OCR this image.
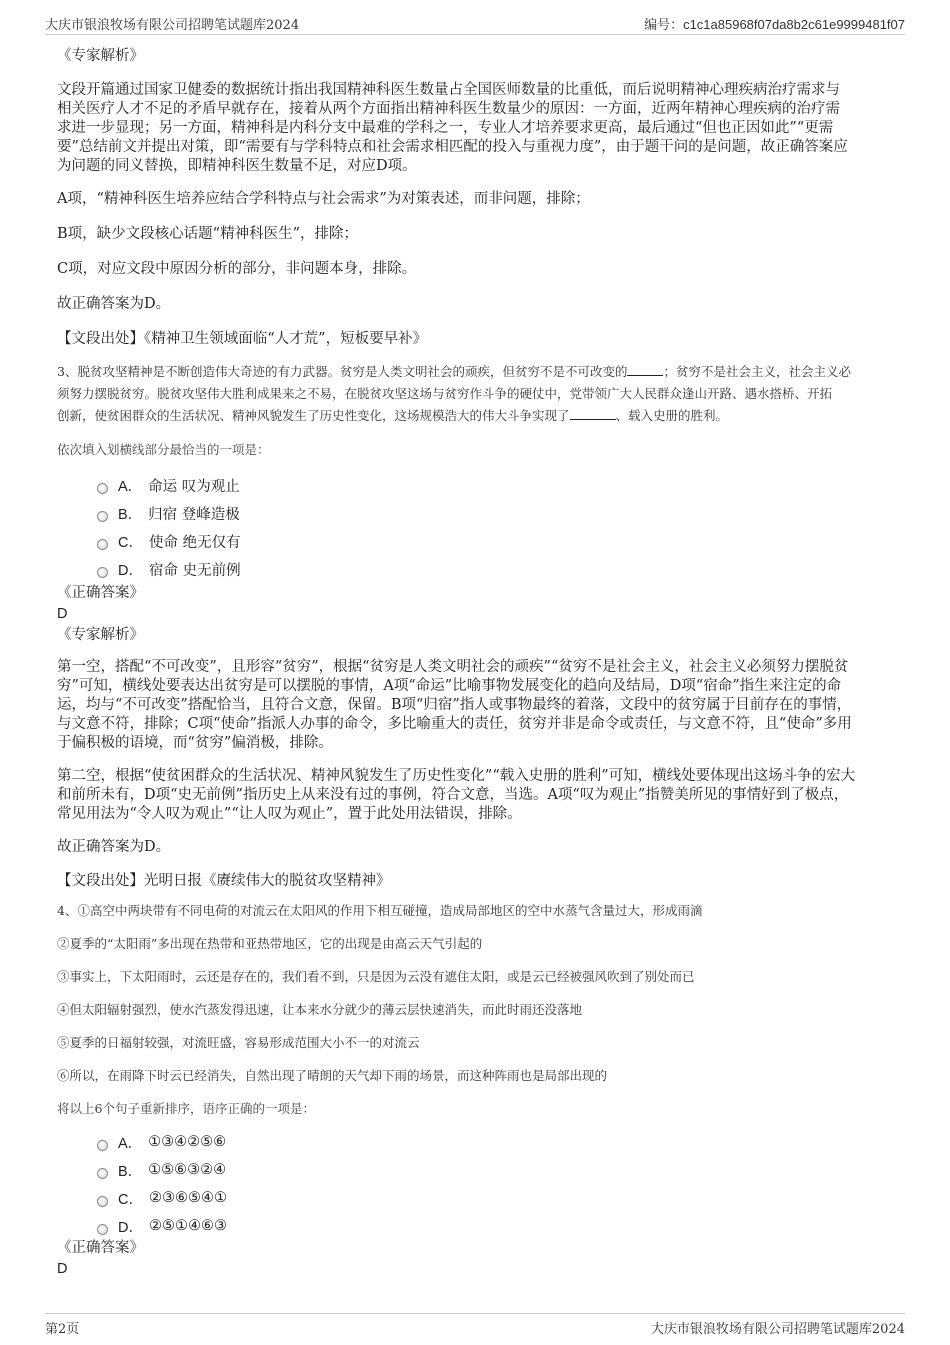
大庆市银浪牧场有限公司招聘笔试题库2024	编号：c1c1a85968f07da8b2c61e9999481f07

《专家解析》

文段开篇通过国家卫健委的数据统计指出我国精神科医生数量占全国医师数量的比重低，而后说明精神心理疾病治疗需求与

相关医疗人才不足的矛盾早就存在，接着从两个方面指出精神科医生数量少的原因：一方面，近两年精神心理疾病的治疗需

求进一步显现；另一方面，精神科是内科分支中最难的学科之一，专业人才培养要求更高，最后通过“但也正因如此”“更需

要”总结前文并提出对策，即“需要有与学科特点和社会需求相匹配的投入与重视力度”，由于题干问的是问题，故正确答案应

为问题的同义替换，即精神科医生数量不足，对应D项。

A项，“精神科医生培养应结合学科特点与社会需求”为对策表述，而非问题，排除；

B项，缺少文段核心话题“精神科医生”，排除；

C项，对应文段中原因分析的部分，非问题本身，排除。

故正确答案为D。

【文段出处】《精神卫生领域面临“人才荒”，短板要早补》

3、脱贫攻坚精神是不断创造伟大奇迹的有力武器。贫穷是人类文明社会的顽疾，但贫穷不是不可改变的	；贫穷不是社会主义，社会主义必

须努力摆脱贫穷。脱贫攻坚伟大胜利成果来之不易，在脱贫攻坚这场与贫穷作斗争的硬仗中，党带领广大人民群众逢山开路、遇水搭桥、开拓

创新，使贫困群众的生活状况、精神风貌发生了历史性变化，这场规模浩大的伟大斗争实现了	、载入史册的胜利。

依次填入划横线部分最恰当的一项是：

A． 命运 叹为观止
B． 归宿 登峰造极
C． 使命 绝无仅有
D． 宿命 史无前例

《正确答案》

D

《专家解析》

第一空，搭配“不可改变”，且形容“贫穷”，根据“贫穷是人类文明社会的顽疾”“贫穷不是社会主义，社会主义必须努力摆脱贫

穷”可知，横线处要表达出贫穷是可以摆脱的事情，A项“命运”比喻事物发展变化的趋向及结局，D项“宿命”指生来注定的命

运，均与“不可改变”搭配恰当，且符合文意，保留。B项“归宿”指人或事物最终的着落，文段中的贫穷属于目前存在的事情，

与文意不符，排除；C项“使命”指派人办事的命令，多比喻重大的责任，贫穷并非是命令或责任，与文意不符，且“使命”多用

于偏积极的语境，而“贫穷”偏消极，排除。

第二空，根据“使贫困群众的生活状况、精神风貌发生了历史性变化”“载入史册的胜利”可知，横线处要体现出这场斗争的宏大

和前所未有，D项“史无前例”指历史上从来没有过的事例，符合文意，当选。A项“叹为观止”指赞美所见的事情好到了极点，

常见用法为“令人叹为观止”“让人叹为观止”，置于此处用法错误，排除。

故正确答案为D。

【文段出处】光明日报《赓续伟大的脱贫攻坚精神》

4、①高空中两块带有不同电荷的对流云在太阳风的作用下相互碰撞，造成局部地区的空中水蒸气含量过大，形成雨滴

②夏季的“太阳雨”多出现在热带和亚热带地区，它的出现是由高云天气引起的

③事实上，下太阳雨时，云还是存在的，我们看不到，只是因为云没有遮住太阳，或是云已经被强风吹到了别处而已

④但太阳辐射强烈，使水汽蒸发得迅速，让本来水分就少的薄云层快速消失，而此时雨还没落地

⑤夏季的日福射较强，对流旺盛，容易形成范围大小不一的对流云

⑥所以，在雨降下时云已经消失，自然出现了晴朗的天气却下雨的场景，而这种阵雨也是局部出现的

将以上6个句子重新排序，语序正确的一项是：

A． ①③④②⑤⑥
B． ①⑤⑥③②④
C． ②③⑥⑤④①
D． ②⑤①④⑥③

《正确答案》

D

第2页	大庆市银浪牧场有限公司招聘笔试题库2024
